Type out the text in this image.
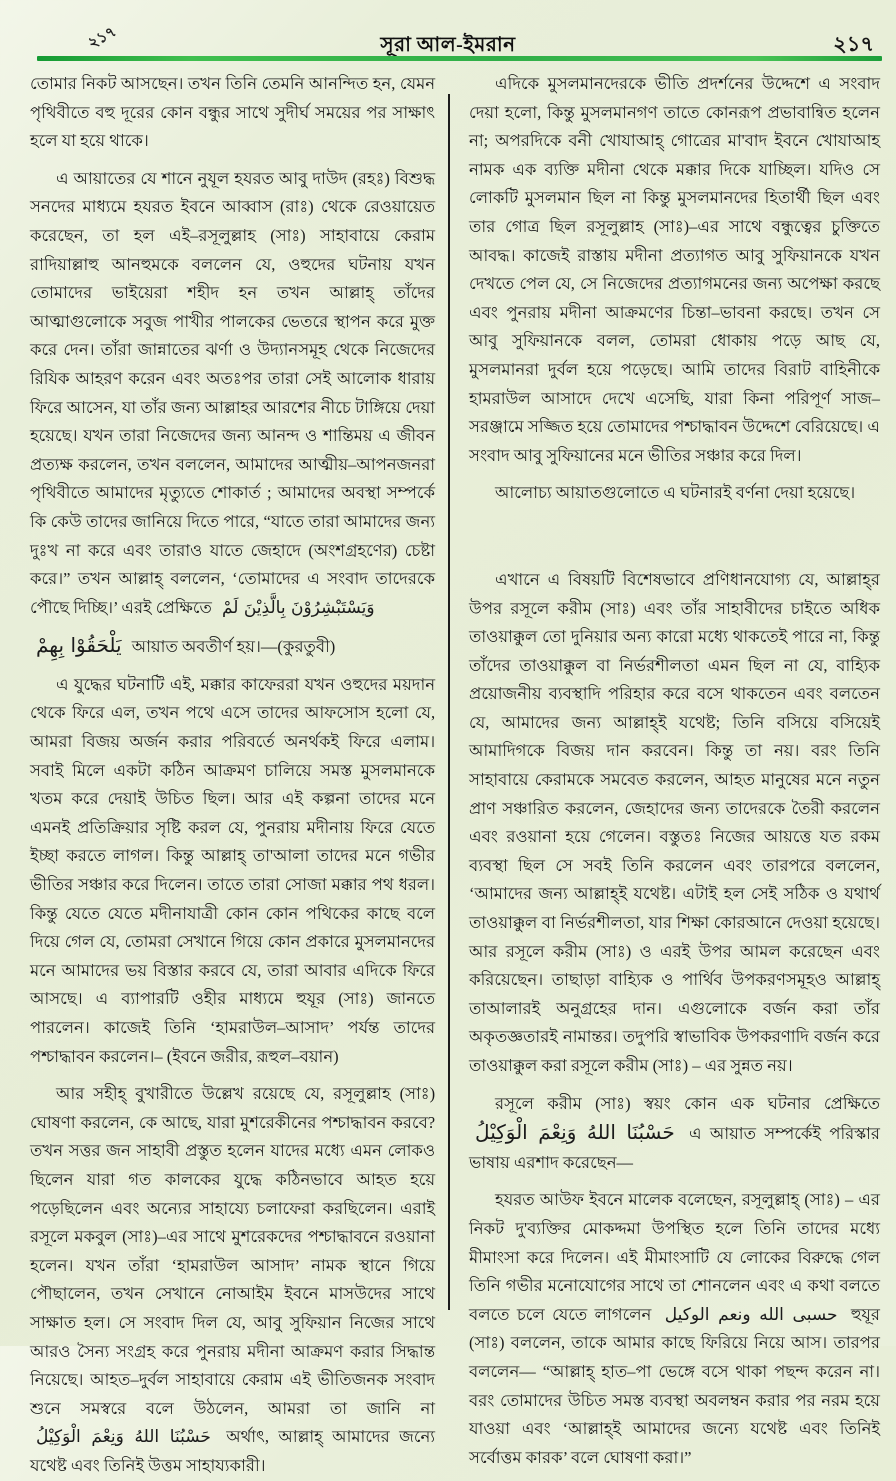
২১৭	সূরা আল-ইমরান	২১৭

তোমার নিকট আসছেন। তখন তিনি তেমনি আনন্দিত হন, যেমন পৃথিবীতে বহু দূরের কোন বন্ধুর সাথে সুদীর্ঘ সময়ের পর সাক্ষাৎ হলে যা হয়ে থাকে।

এ আয়াতের যে শানে নুযূল হযরত আবু দাউদ (রহঃ) বিশুদ্ধ সনদের মাধ্যমে হযরত ইবনে আব্বাস (রাঃ) থেকে রেওয়ায়েত করেছেন, তা হল এই–রসূলুল্লাহ (সাঃ) সাহাবায়ে কেরাম রাদিয়াল্লাহু আনহুমকে বললেন যে, ওহুদের ঘটনায় যখন তোমাদের ভাইয়েরা শহীদ হন তখন আল্লাহ্‌ তাঁদের আত্মাগুলোকে সবুজ পাখীর পালকের ভেতরে স্থাপন করে মুক্ত করে দেন। তাঁরা জান্নাতের ঝর্ণা ও উদ্যানসমূহ থেকে নিজেদের রিযিক আহরণ করেন এবং অতঃপর তারা সেই আলোক ধারায় ফিরে আসেন, যা তাঁর জন্য আল্লাহর আরশের নীচে টাঙ্গিয়ে দেয়া হয়েছে। যখন তারা নিজেদের জন্য আনন্দ ও শান্তিময় এ জীবন প্রত্যক্ষ করলেন, তখন বললেন, আমাদের আত্মীয়–আপনজনরা পৃথিবীতে আমাদের মৃত্যুতে শোকার্ত ; আমাদের অবস্থা সম্পর্কে কি কেউ তাদের জানিয়ে দিতে পারে, “যাতে তারা আমাদের জন্য দুঃখ না করে এবং তারাও যাতে জেহাদে (অংশগ্রহণের) চেষ্টা করে।” তখন আল্লাহ্‌ বললেন, ‘তোমাদের এ সংবাদ তাদেরকে পৌছে দিচ্ছি।’ এরই প্রেক্ষিতে وَيَسْتَبْشِرُوْنَ بِالَّذِيْنَ لَمْ

يَلْحَقُوْا بِهِمْ আয়াত অবতীর্ণ হয়।—(কুরতুবী)

এ যুদ্ধের ঘটনাটি এই, মক্কার কাফেররা যখন ওহুদের ময়দান থেকে ফিরে এল, তখন পথে এসে তাদের আফসোস হলো যে, আমরা বিজয় অর্জন করার পরিবর্তে অনর্থকই ফিরে এলাম। সবাই মিলে একটা কঠিন আক্রমণ চালিয়ে সমস্ত মুসলমানকে খতম করে দেয়াই উচিত ছিল। আর এই কল্পনা তাদের মনে এমনই প্রতিক্রিয়ার সৃষ্টি করল যে, পুনরায় মদীনায় ফিরে যেতে ইচ্ছা করতে লাগল। কিন্তু আল্লাহ্‌ তা'আলা তাদের মনে গভীর ভীতির সঞ্চার করে দিলেন। তাতে তারা সোজা মক্কার পথ ধরল। কিন্তু যেতে যেতে মদীনাযাত্রী কোন কোন পথিকের কাছে বলে দিয়ে গেল যে, তোমরা সেখানে গিয়ে কোন প্রকারে মুসলমানদের মনে আমাদের ভয় বিস্তার করবে যে, তারা আবার এদিকে ফিরে আসছে। এ ব্যাপারটি ওহীর মাধ্যমে হুযূর (সাঃ) জানতে পারলেন। কাজেই তিনি ‘হামরাউল–আসাদ’ পর্যন্ত তাদের পশ্চাদ্ধাবন করলেন।– (ইবনে জরীর, রূহুল–বয়ান)

আর সহীহ্‌ বুখারীতে উল্লেখ রয়েছে যে, রসূলুল্লাহ (সাঃ) ঘোষণা করলেন, কে আছে, যারা মুশরেকীনের পশ্চাদ্ধাবন করবে? তখন সত্তর জন সাহাবী প্রস্তুত হলেন যাদের মধ্যে এমন লোকও ছিলেন যারা গত কালকের যুদ্ধে কঠিনভাবে আহত হয়ে পড়েছিলেন এবং অন্যের সাহায্যে চলাফেরা করছিলেন। এরাই রসূলে মকবুল (সাঃ)–এর সাথে মুশরেকদের পশ্চাদ্ধাবনে রওয়ানা হলেন। যখন তাঁরা ‘হামরাউল আসাদ’ নামক স্থানে গিয়ে পৌছালেন, তখন সেখানে নোআইম ইবনে মাসউদের সাথে সাক্ষাত হল। সে সংবাদ দিল যে, আবু সুফিয়ান নিজের সাথে আরও সৈন্য সংগ্রহ করে পুনরায় মদীনা আক্রমণ করার সিদ্ধান্ত নিয়েছে। আহত–দুর্বল সাহাবায়ে কেরাম এই ভীতিজনক সংবাদ শুনে সমস্বরে বলে উঠলেন, আমরা তা জানি না حَسْبُنَا اللهُ وَنِعْمَ الْوَكِيْلُ অর্থাৎ, আল্লাহ্‌ আমাদের জন্যে যথেষ্ট এবং তিনিই উত্তম সাহায্যকারী।

এদিকে মুসলমানদেরকে ভীতি প্রদর্শনের উদ্দেশে এ সংবাদ দেয়া হলো, কিন্তু মুসলমানগণ তাতে কোনরূপ প্রভাবান্বিত হলেন না; অপরদিকে বনী খোযাআহ্‌ গোত্রের মা'বাদ ইবনে খোযাআহ নামক এক ব্যক্তি মদীনা থেকে মক্কার দিকে যাচ্ছিল। যদিও সে লোকটি মুসলমান ছিল না কিন্তু মুসলমানদের হিতার্থী ছিল এবং তার গোত্র ছিল রসূলুল্লাহ (সাঃ)–এর সাথে বন্ধুত্বের চুক্তিতে আবদ্ধ। কাজেই রাস্তায় মদীনা প্রত্যাগত আবু সুফিয়ানকে যখন দেখতে পেল যে, সে নিজেদের প্রত্যাগমনের জন্য অপেক্ষা করছে এবং পুনরায় মদীনা আক্রমণের চিন্তা–ভাবনা করছে। তখন সে আবু সুফিয়ানকে বলল, তোমরা ধোকায় পড়ে আছ যে, মুসলমানরা দুর্বল হয়ে পড়েছে। আমি তাদের বিরাট বাহিনীকে হামরাউল আসাদে দেখে এসেছি, যারা কিনা পরিপূর্ণ সাজ–সরঞ্জামে সজ্জিত হয়ে তোমাদের পশ্চাদ্ধাবন উদ্দেশে বেরিয়েছে। এ সংবাদ আবু সুফিয়ানের মনে ভীতির সঞ্চার করে দিল।

আলোচ্য আয়াতগুলোতে এ ঘটনারই বর্ণনা দেয়া হয়েছে।

এখানে এ বিষয়টি বিশেষভাবে প্রণিধানযোগ্য যে, আল্লাহ্‌র উপর রসূলে করীম (সাঃ) এবং তাঁর সাহাবীদের চাইতে অধিক তাওয়াক্কুল তো দুনিয়ার অন্য কারো মধ্যে থাকতেই পারে না, কিন্তু তাঁদের তাওয়াক্কুল বা নির্ভরশীলতা এমন ছিল না যে, বাহ্যিক প্রয়োজনীয় ব্যবস্থাদি পরিহার করে বসে থাকতেন এবং বলতেন যে, আমাদের জন্য আল্লাহ্‌ই যথেষ্ট; তিনি বসিয়ে বসিয়েই আমাদিগকে বিজয় দান করবেন। কিন্তু তা নয়। বরং তিনি সাহাবায়ে কেরামকে সমবেত করলেন, আহত মানুষের মনে নতুন প্রাণ সঞ্চারিত করলেন, জেহাদের জন্য তাদেরকে তৈরী করলেন এবং রওয়ানা হয়ে গেলেন। বস্তুতঃ নিজের আয়ত্তে যত রকম ব্যবস্থা ছিল সে সবই তিনি করলেন এবং তারপরে বললেন, ‘আমাদের জন্য আল্লাহ্‌ই যথেষ্ট। এটাই হল সেই সঠিক ও যথার্থ তাওয়াক্কুল বা নির্ভরশীলতা, যার শিক্ষা কোরআনে দেওয়া হয়েছে। আর রসূলে করীম (সাঃ) ও এরই উপর আমল করেছেন এবং করিয়েছেন। তাছাড়া বাহ্যিক ও পার্থিব উপকরণসমূহও আল্লাহ্‌ তাআলারই অনুগ্রহের দান। এগুলোকে বর্জন করা তাঁর অকৃতজ্ঞতারই নামান্তর। তদুপরি স্বাভাবিক উপকরণাদি বর্জন করে তাওয়াক্কুল করা রসূলে করীম (সাঃ) – এর সুন্নত নয়।

রসূলে করীম (সাঃ) স্বয়ং কোন এক ঘটনার প্রেক্ষিতে حَسْبُنَا اللهُ وَنِعْمَ الْوَكِيْلُ এ আয়াত সম্পর্কেই পরিস্কার ভাষায় এরশাদ করেছেন—

হযরত আউফ ইবনে মালেক বলেছেন, রসূলুল্লাহ্‌ (সাঃ) – এর নিকট দু'ব্যক্তির মোকদ্দমা উপস্থিত হলে তিনি তাদের মধ্যে মীমাংসা করে দিলেন। এই মীমাংসাটি যে লোকের বিরুদ্ধে গেল তিনি গভীর মনোযোগের সাথে তা শোনলেন এবং এ কথা বলতে বলতে চলে যেতে লাগলেন حسبى الله ونعم الوكيل হুযূর (সাঃ) বললেন, তাকে আমার কাছে ফিরিয়ে নিয়ে আস। তারপর বললেন— “আল্লাহ্‌ হাত–পা ভেঙ্গে বসে থাকা পছন্দ করেন না। বরং তোমাদের উচিত সমস্ত ব্যবস্থা অবলম্বন করার পর নরম হয়ে যাওয়া এবং ‘আল্লাহ্‌ই আমাদের জন্যে যথেষ্ট এবং তিনিই সর্বোত্তম কারক’ বলে ঘোষণা করা।”
